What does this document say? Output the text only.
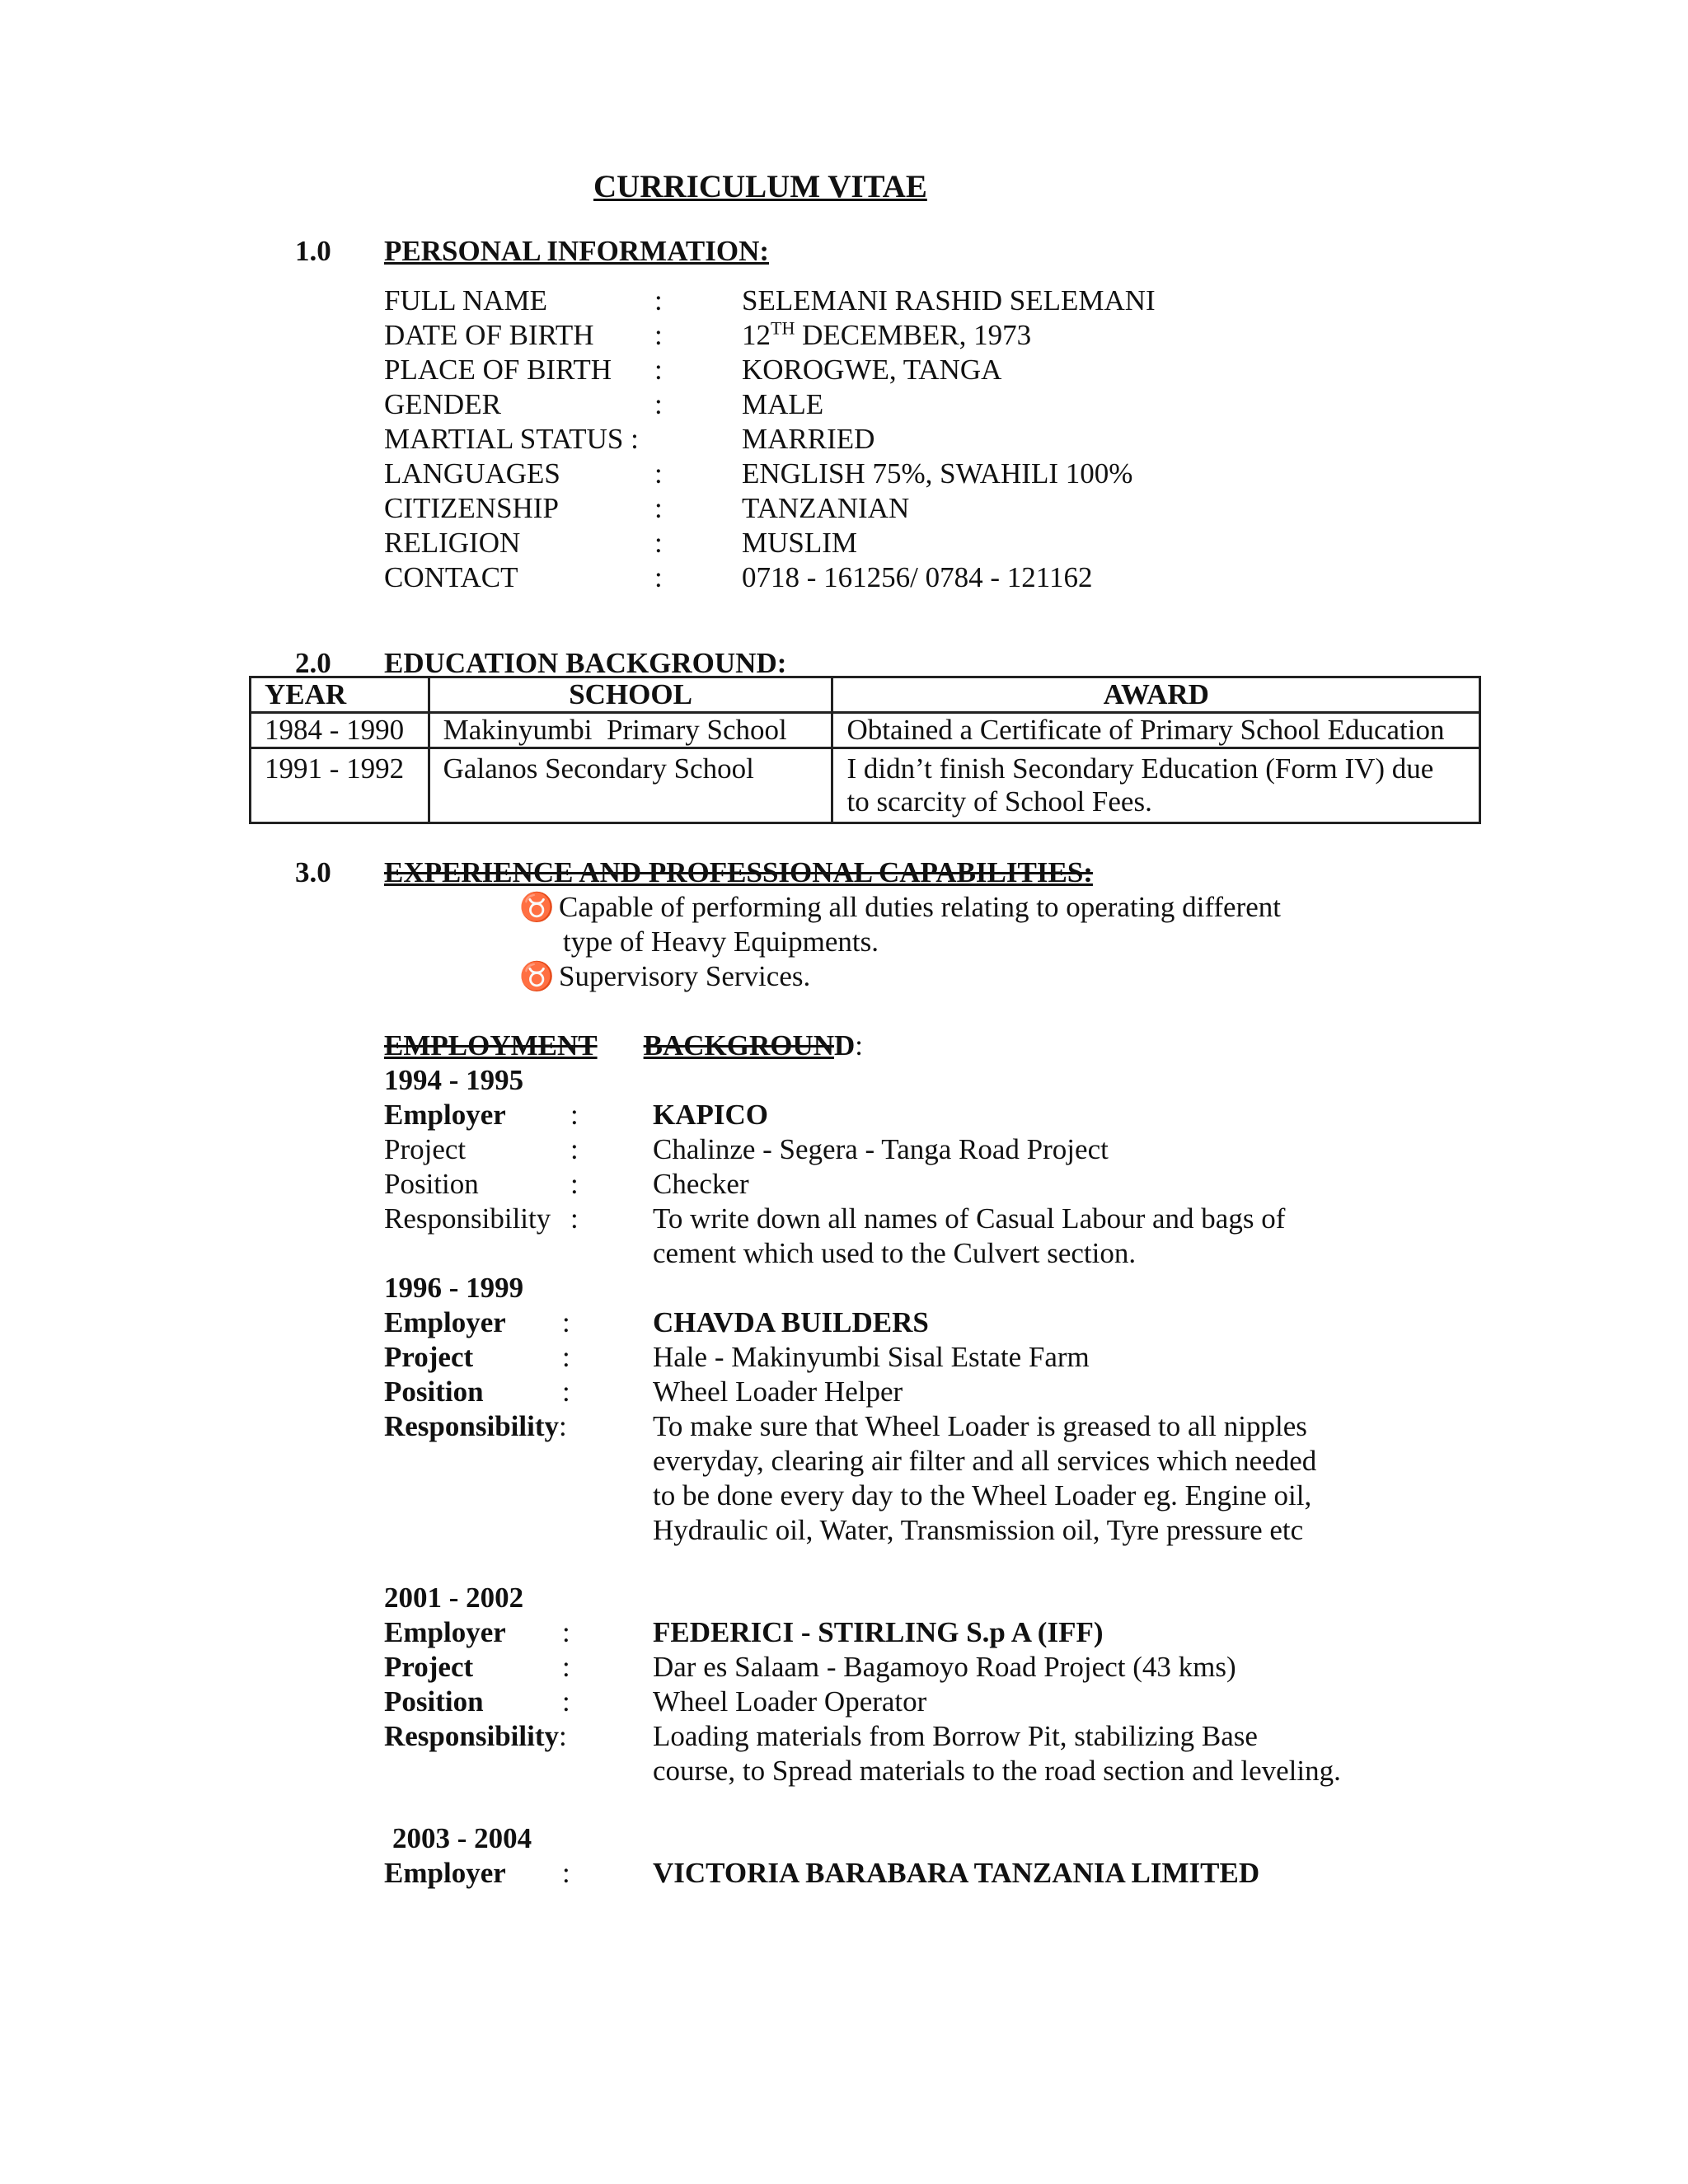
CURRICULUM VITAE
1.0 PERSONAL INFORMATION:
FULL NAME	:	SELEMANI RASHID SELEMANI
DATE OF BIRTH :	12TH DECEMBER, 1973
PLACE OF BIRTH :	KOROGWE, TANGA
GENDER	:	MALE
MARTIAL STATUS :	MARRIED
LANGUAGES	:	ENGLISH 75%, SWAHILI 100%
CITIZENSHIP	:	TANZANIAN
RELIGION	:	MUSLIM
CONTACT	:	0718 - 161256/ 0784 - 121162
2.0 EDUCATION BACKGROUND:
YEAR	SCHOOL	AWARD
1984 - 1990	Makinyumbi  Primary School	Obtained a Certificate of Primary School Education
1991 - 1992	Galanos Secondary School	I didn’t finish Secondary Education (Form IV) due
to scarcity of School Fees.
3.0 EXPERIENCE AND PROFESSIONAL CAPABILITIES:
♉ Capable of performing all duties relating to operating different
type of Heavy Equipments.
♉ Supervisory Services.
EMPLOYMENT BACKGROUND:
1994 - 1995
Employer :	KAPICO
Project	:	Chalinze - Segera - Tanga Road Project
Position	:	Checker
Responsibility :	To write down all names of Casual Labour and bags of
cement which used to the Culvert section.
1996 - 1999
Employer :	CHAVDA BUILDERS
Project	:	Hale - Makinyumbi Sisal Estate Farm
Position	:	Wheel Loader Helper
Responsibility:	To make sure that Wheel Loader is greased to all nipples
everyday, clearing air filter and all services which needed
to be done every day to the Wheel Loader eg. Engine oil,
Hydraulic oil, Water, Transmission oil, Tyre pressure etc
2001 - 2002
Employer :	FEDERICI - STIRLING S.p A (IFF)
Project	:	Dar es Salaam - Bagamoyo Road Project (43 kms)
Position	:	Wheel Loader Operator
Responsibility:	Loading materials from Borrow Pit, stabilizing Base
course, to Spread materials to the road section and leveling.
2003 - 2004
Employer :	VICTORIA BARABARA TANZANIA LIMITED
